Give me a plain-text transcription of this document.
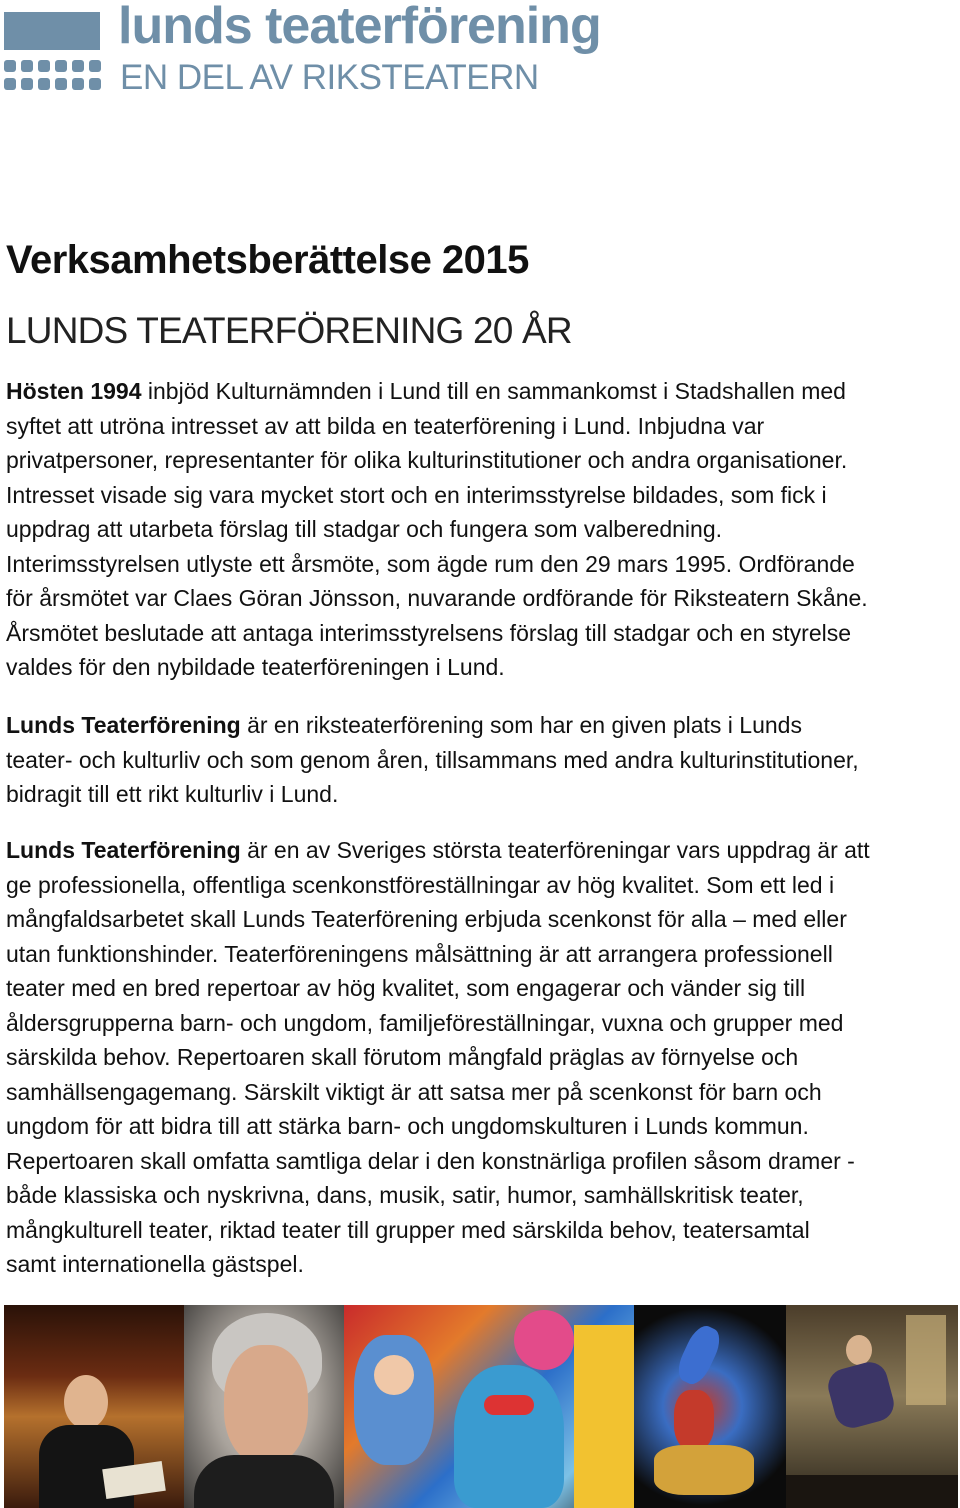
lunds teaterförening
EN DEL AV RIKSTEATERN
Verksamhetsberättelse 2015
LUNDS TEATERFÖRENING 20 ÅR
Hösten 1994 inbjöd Kulturnämnden i Lund till en sammankomst i Stadshallen med
syftet att utröna intresset av att bilda en teaterförening i Lund. Inbjudna var
privatpersoner, representanter för olika kulturinstitutioner och andra organisationer.
Intresset visade sig vara mycket stort och en interimsstyrelse bildades, som fick i
uppdrag att utarbeta förslag till stadgar och fungera som valberedning.
Interimsstyrelsen utlyste ett årsmöte, som ägde rum den 29 mars 1995. Ordförande
för årsmötet var Claes Göran Jönsson, nuvarande ordförande för Riksteatern Skåne.
Årsmötet beslutade att antaga interimsstyrelsens förslag till stadgar och en styrelse
valdes för den nybildade teaterföreningen i Lund.
Lunds Teaterförening är en riksteaterförening som har en given plats i Lunds
teater- och kulturliv och som genom åren, tillsammans med andra kulturinstitutioner,
bidragit till ett rikt kulturliv i Lund.
Lunds Teaterförening är en av Sveriges största teaterföreningar vars uppdrag är att
ge professionella, offentliga scenkonstföreställningar av hög kvalitet. Som ett led i
mångfaldsarbetet skall Lunds Teaterförening erbjuda scenkonst för alla – med eller
utan funktionshinder. Teaterföreningens målsättning är att arrangera professionell
teater med en bred repertoar av hög kvalitet, som engagerar och vänder sig till
åldersgrupperna barn- och ungdom, familjeföreställningar, vuxna och grupper med
särskilda behov. Repertoaren skall förutom mångfald präglas av förnyelse och
samhällsengagemang. Särskilt viktigt är att satsa mer på scenkonst för barn och
ungdom för att bidra till att stärka barn- och ungdomskulturen i Lunds kommun.
Repertoaren skall omfatta samtliga delar i den konstnärliga profilen såsom dramer -
både klassiska och nyskrivna, dans, musik, satir, humor, samhällskritisk teater,
mångkulturell teater, riktad teater till grupper med särskilda behov, teatersamtal
samt internationella gästspel.
